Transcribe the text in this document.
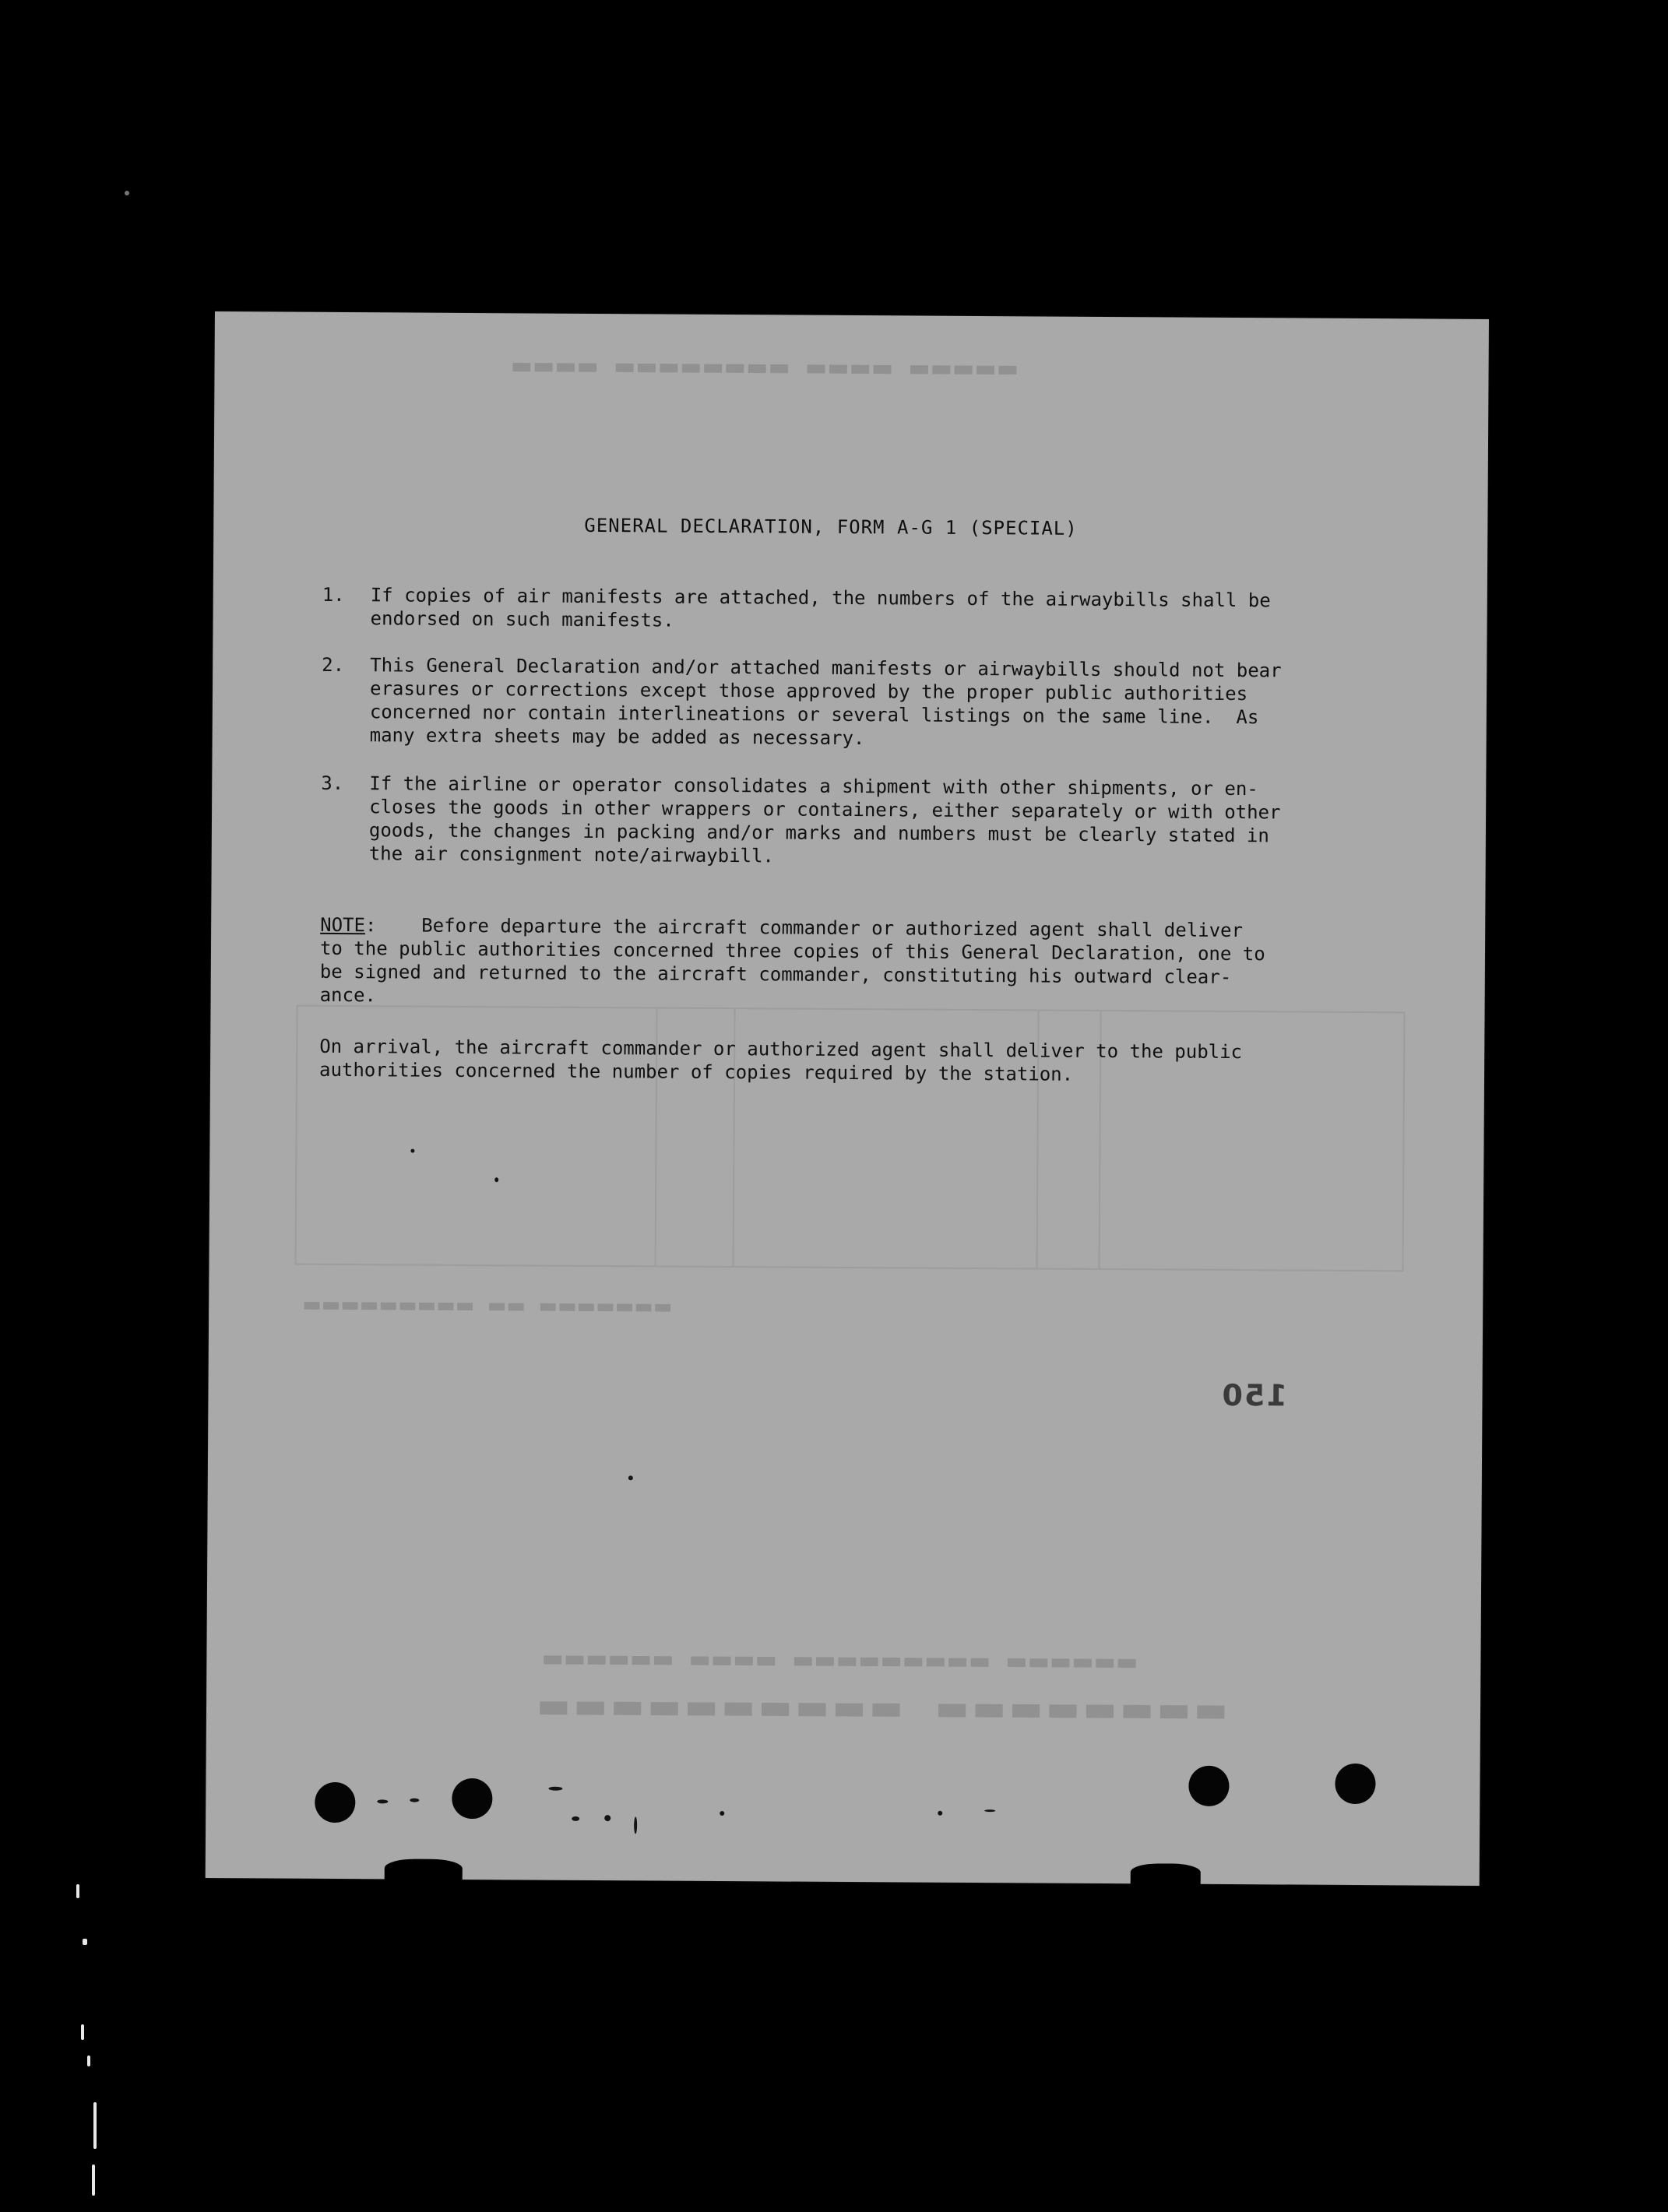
▬▬▬▬▬  ▬▬▬▬  ▬▬▬▬▬▬▬▬  ▬▬▬▬
▬▬▬▬▬▬▬  ▬▬  ▬▬▬▬▬▬▬▬▬
▬▬▬▬▬▬  ▬▬▬▬▬▬▬▬▬  ▬▬▬▬  ▬▬▬▬▬▬
▬▬▬▬▬▬▬▬  ▬▬▬▬▬▬▬▬▬▬
GENERAL DECLARATION, FORM A-G 1 (SPECIAL)

1.

If copies of air manifests are attached, the numbers of the airwaybills shall be
endorsed on such manifests.

2.

This General Declaration and/or attached manifests or airwaybills should not bear
erasures or corrections except those approved by the proper public authorities
concerned nor contain interlineations or several listings on the same line.  As
many extra sheets may be added as necessary.

3.

If the airline or operator consolidates a shipment with other shipments, or en-
closes the goods in other wrappers or containers, either separately or with other
goods, the changes in packing and/or marks and numbers must be clearly stated in
the air consignment note/airwaybill.

NOTE:    Before departure the aircraft commander or authorized agent shall deliver
to the public authorities concerned three copies of this General Declaration, one to
be signed and returned to the aircraft commander, constituting his outward clear-
ance.
On arrival, the aircraft commander or authorized agent shall deliver to the public
authorities concerned the number of copies required by the station.
150
